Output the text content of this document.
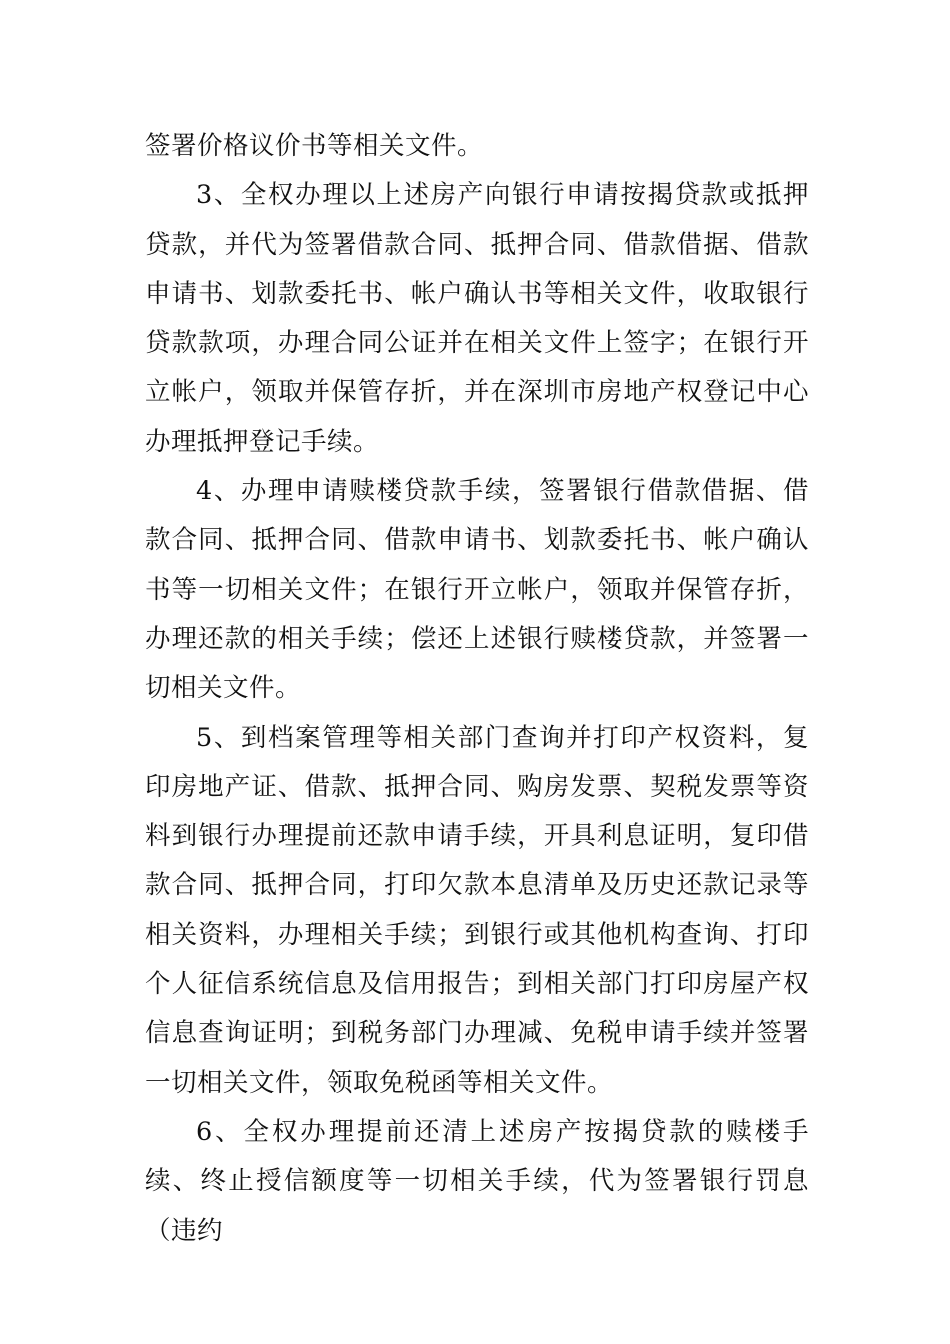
签署价格议价书等相关文件。

3、全权办理以上述房产向银行申请按揭贷款或抵押贷款，并代为签署借款合同、抵押合同、借款借据、借款申请书、划款委托书、帐户确认书等相关文件，收取银行贷款款项，办理合同公证并在相关文件上签字；在银行开立帐户，领取并保管存折，并在深圳市房地产权登记中心办理抵押登记手续。

4、办理申请赎楼贷款手续，签署银行借款借据、借款合同、抵押合同、借款申请书、划款委托书、帐户确认书等一切相关文件；在银行开立帐户，领取并保管存折，办理还款的相关手续；偿还上述银行赎楼贷款，并签署一切相关文件。

5、到档案管理等相关部门查询并打印产权资料，复印房地产证、借款、抵押合同、购房发票、契税发票等资料到银行办理提前还款申请手续，开具利息证明，复印借款合同、抵押合同，打印欠款本息清单及历史还款记录等相关资料，办理相关手续；到银行或其他机构查询、打印个人征信系统信息及信用报告；到相关部门打印房屋产权信息查询证明；到税务部门办理减、免税申请手续并签署一切相关文件，领取免税函等相关文件。

6、全权办理提前还清上述房产按揭贷款的赎楼手续、终止授信额度等一切相关手续，代为签署银行罚息（违约
